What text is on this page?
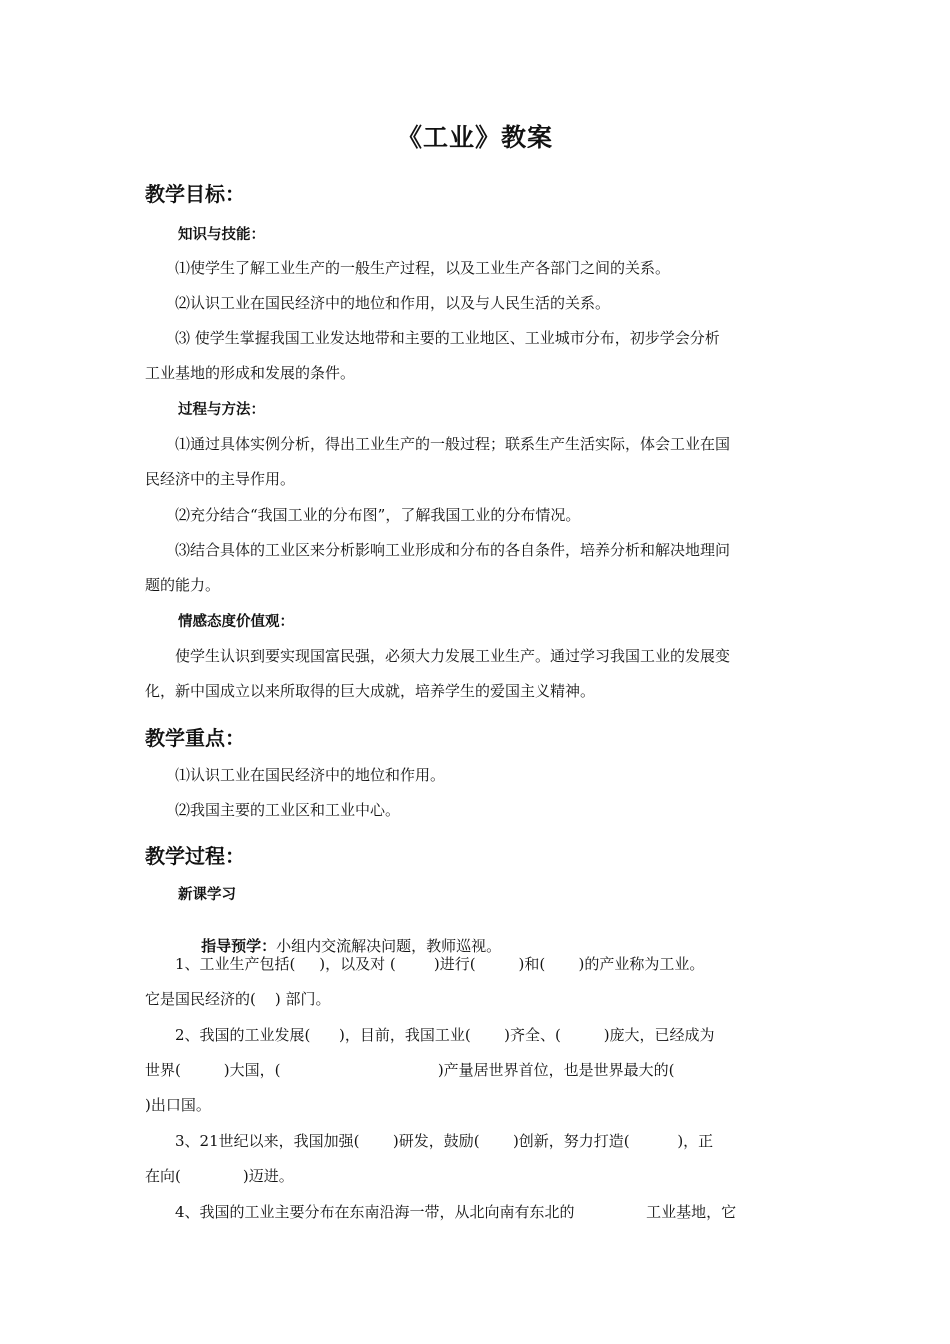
《工业》教案
教学目标：
知识与技能：
⑴使学生了解工业生产的一般生产过程，以及工业生产各部门之间的关系。
⑵认识工业在国民经济中的地位和作用，以及与人民生活的关系。
⑶ 使学生掌握我国工业发达地带和主要的工业地区、工业城市分布，初步学会分析
工业基地的形成和发展的条件。
过程与方法：
⑴通过具体实例分析，得出工业生产的一般过程；联系生产生活实际，体会工业在国
民经济中的主导作用。
⑵充分结合“我国工业的分布图”，了解我国工业的分布情况。
⑶结合具体的工业区来分析影响工业形成和分布的各自条件，培养分析和解决地理问
题的能力。
情感态度价值观：
使学生认识到要实现国富民强，必须大力发展工业生产。通过学习我国工业的发展变
化，新中国成立以来所取得的巨大成就，培养学生的爱国主义精神。
教学重点：
⑴认识工业在国民经济中的地位和作用。
⑵我国主要的工业区和工业中心。
教学过程：
新课学习

指导预学：小组内交流解决问题，教师巡视。

1、工业生产包括(     )，以及对 (        )进行(         )和(       )的产业称为工业。
它是国民经济的(    ) 部门。
2、我国的工业发展(      )，目前，我国工业(       )齐全、(         )庞大，已经成为
世界(         )大国，(                                 )产量居世界首位，也是世界最大的(
)出口国。
3、21世纪以来，我国加强(       )研发，鼓励(       )创新，努力打造(          )，正
在向(             )迈进。
4、我国的工业主要分布在东南沿海一带，从北向南有东北的               工业基地，它
